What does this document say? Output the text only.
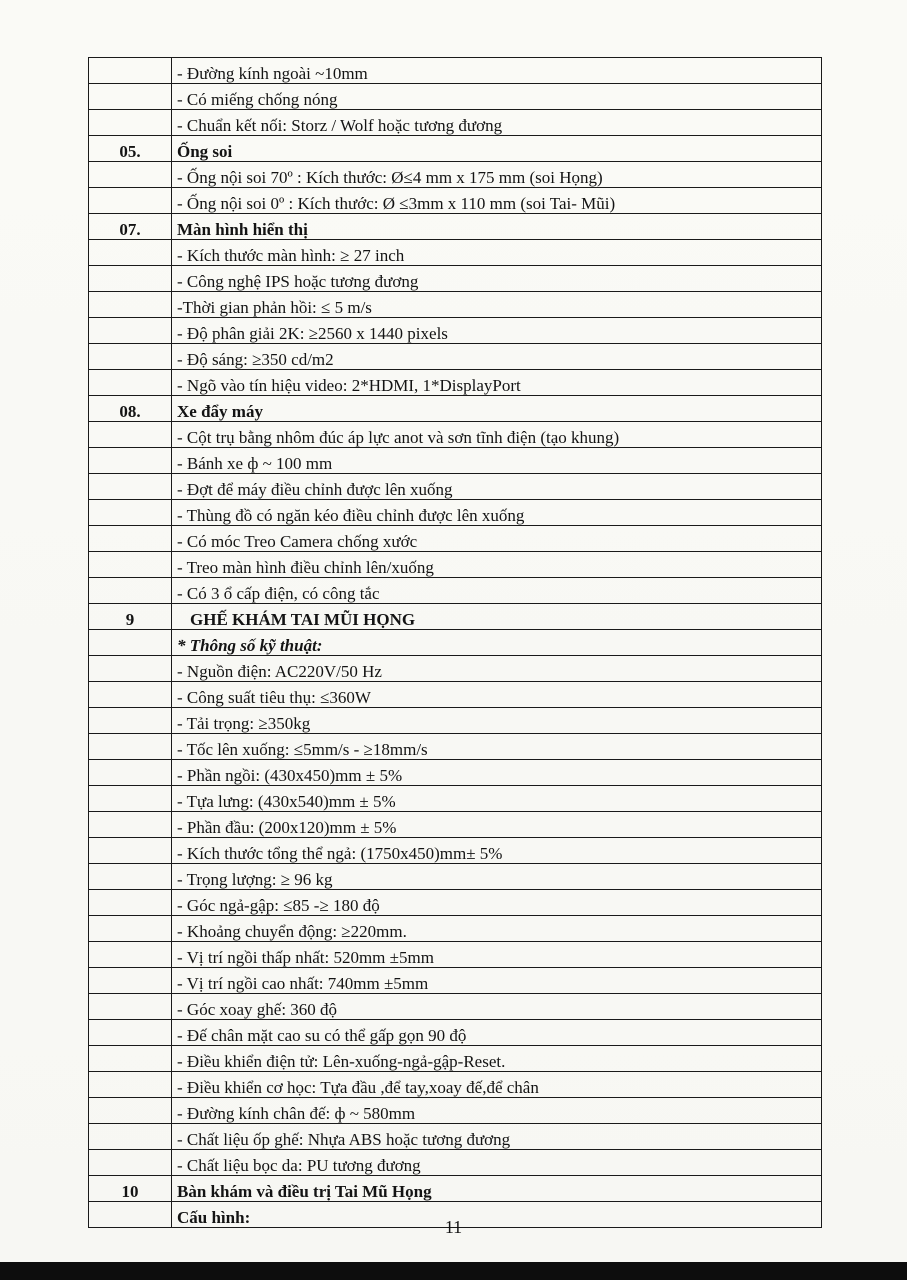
	- Đường kính ngoài ~10mm
	- Có miếng chống nóng
	- Chuẩn kết nối: Storz / Wolf hoặc tương đương
05.	Ống soi
	- Ống nội soi 70º : Kích thước: Ø≤4 mm x 175 mm (soi Họng)
	- Ống nội soi 0º : Kích thước: Ø ≤3mm x 110 mm (soi Tai- Mũi)
07.	Màn hình hiển thị
	- Kích thước màn hình: ≥ 27 inch
	- Công nghệ IPS hoặc tương đương
	-Thời gian phản hồi: ≤ 5 m/s
	- Độ phân giải 2K: ≥2560 x 1440 pixels
	- Độ sáng: ≥350 cd/m2
	- Ngõ vào tín hiệu video: 2*HDMI, 1*DisplayPort
08.	Xe đẩy máy
	- Cột trụ bằng nhôm đúc áp lực anot và sơn tĩnh điện (tạo khung)
	- Bánh xe ф ~ 100 mm
	- Đợt để máy điều chỉnh được lên xuống
	- Thùng đồ có ngăn kéo điều chỉnh được lên xuống
	- Có móc Treo Camera chống xước
	- Treo màn hình điều chỉnh lên/xuống
	- Có 3 ổ cấp điện, có công tắc
9	GHẾ KHÁM TAI MŨI HỌNG
	* Thông số kỹ thuật:
	- Nguồn điện: AC220V/50 Hz
	- Công suất tiêu thụ: ≤360W
	- Tải trọng: ≥350kg
	- Tốc lên xuống: ≤5mm/s - ≥18mm/s
	- Phần ngồi: (430x450)mm ± 5%
	- Tựa lưng: (430x540)mm ± 5%
	- Phần đầu: (200x120)mm ± 5%
	- Kích thước tổng thể ngả: (1750x450)mm± 5%
	- Trọng lượng: ≥ 96 kg
	- Góc ngả-gập: ≤85 -≥ 180 độ
	- Khoảng chuyển động: ≥220mm.
	- Vị trí ngồi thấp nhất: 520mm ±5mm
	- Vị trí ngồi cao nhất: 740mm ±5mm
	- Góc xoay ghế: 360 độ
	- Đế chân mặt cao su có thể gấp gọn 90 độ
	- Điều khiển điện tử: Lên-xuống-ngả-gập-Reset.
	- Điều khiển cơ học: Tựa đầu ,để tay,xoay đế,để chân
	- Đường kính chân đế: ф ~ 580mm
	- Chất liệu ốp ghế: Nhựa ABS hoặc tương đương
	- Chất liệu bọc da: PU tương đương
10	Bàn khám và điều trị Tai Mũ Họng
	Cấu hình:	11
